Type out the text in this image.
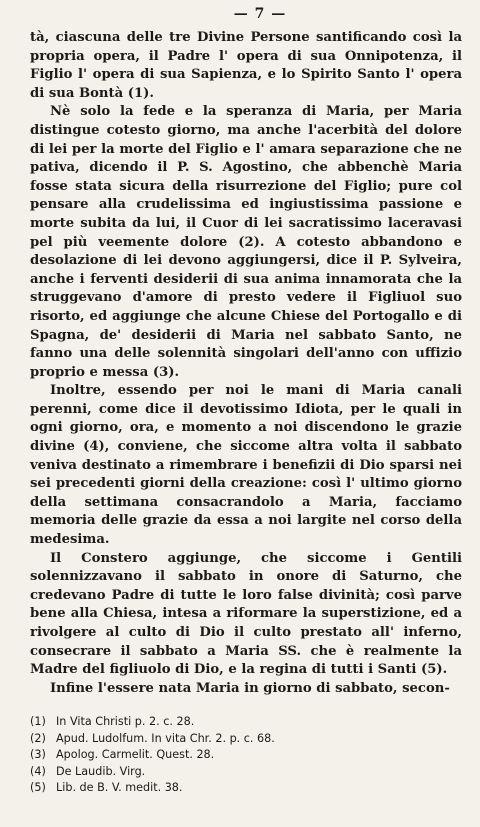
— 7 —

tà, ciascuna delle tre Divine Persone santificando così la propria opera, il Padre l' opera di sua Onnipotenza, il Figlio l' opera di sua Sapienza, e lo Spirito Santo l' opera di sua Bontà (1).

Nè solo la fede e la speranza di Maria, per Maria distingue cotesto giorno, ma anche l'acerbità del dolore di lei per la morte del Figlio e l' amara separazione che ne pativa, dicendo il P. S. Agostino, che abbenchè Maria fosse stata sicura della risurrezione del Figlio; pure col pensare alla crudelissima ed ingiustissima passione e morte subita da lui, il Cuor di lei sacratissimo laceravasi pel più veemente dolore (2). A cotesto abbandono e desolazione di lei devono aggiungersi, dice il P. Sylveira, anche i ferventi desiderii di sua anima innamorata che la struggevano d'amore di presto vedere il Figliuol suo risorto, ed aggiunge che alcune Chiese del Portogallo e di Spagna, de' desiderii di Maria nel sabbato Santo, ne fanno una delle solennità singolari dell'anno con uffizio proprio e messa (3).

Inoltre, essendo per noi le mani di Maria canali perenni, come dice il devotissimo Idiota, per le quali in ogni giorno, ora, e momento a noi discendono le grazie divine (4), conviene, che siccome altra volta il sabbato veniva destinato a rimembrare i benefizii di Dio sparsi nei sei precedenti giorni della creazione: così l' ultimo giorno della settimana consacrandolo a Maria, facciamo memoria delle grazie da essa a noi largite nel corso della medesima.

Il Constero aggiunge, che siccome i Gentili solennizzavano il sabbato in onore di Saturno, che credevano Padre di tutte le loro false divinità; così parve bene alla Chiesa, intesa a riformare la superstizione, ed a rivolgere al culto di Dio il culto prestato all' inferno, consecrare il sabbato a Maria SS. che è realmente la Madre del figliuolo di Dio, e la regina di tutti i Santi (5).

Infine l'essere nata Maria in giorno di sabbato, secon-

(1) In Vita Christi p. 2. c. 28.
(2) Apud. Ludolfum. In vita Chr. 2. p. c. 68.
(3) Apolog. Carmelit. Quest. 28.
(4) De Laudib. Virg.
(5) Lib. de B. V. medit. 38.
